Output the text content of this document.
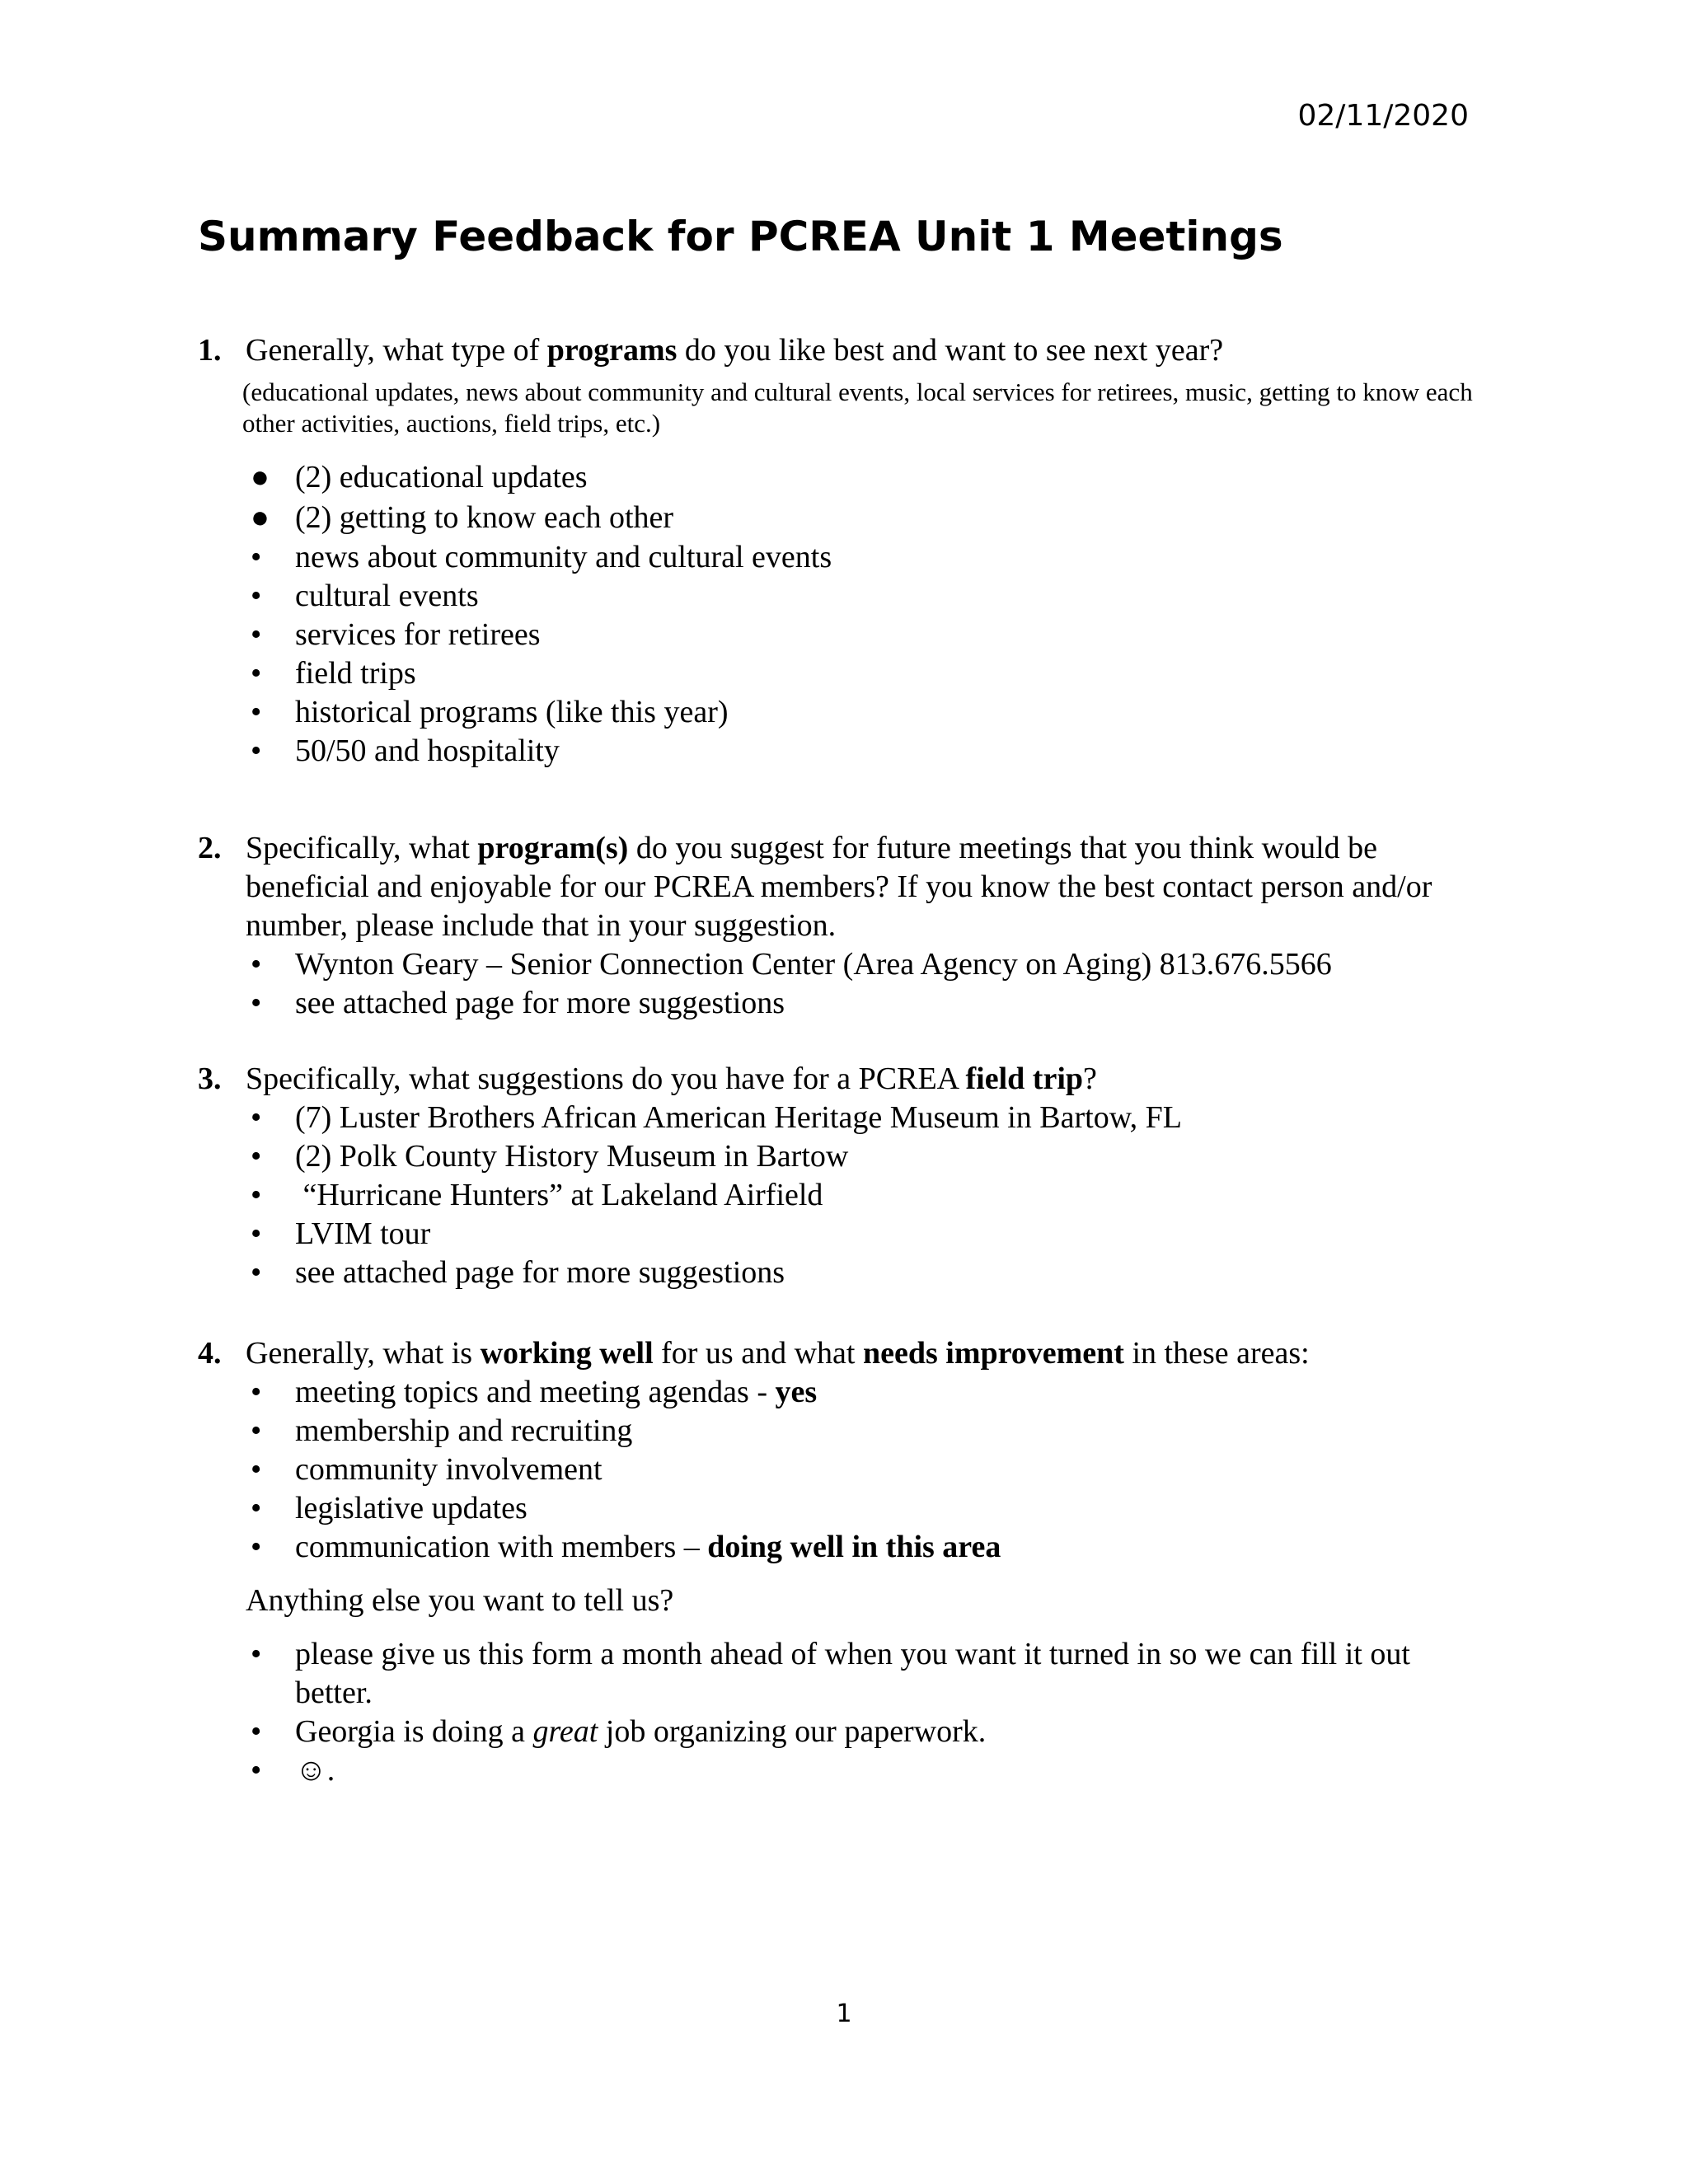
02/11/2020
Summary Feedback for PCREA Unit 1 Meetings
1. Generally, what type of programs do you like best and want to see next year?
(educational updates, news about community and cultural events, local services for retirees, music, getting to know each other activities, auctions, field trips, etc.)
● (2) educational updates
● (2) getting to know each other
• news about community and cultural events
• cultural events
• services for retirees
• field trips
• historical programs (like this year)
• 50/50 and hospitality
2. Specifically, what program(s) do you suggest for future meetings that you think would be beneficial and enjoyable for our PCREA members? If you know the best contact person and/or number, please include that in your suggestion.
• Wynton Geary – Senior Connection Center (Area Agency on Aging) 813.676.5566
• see attached page for more suggestions
3. Specifically, what suggestions do you have for a PCREA field trip?
• (7) Luster Brothers African American Heritage Museum in Bartow, FL
• (2) Polk County History Museum in Bartow
• “Hurricane Hunters” at Lakeland Airfield
• LVIM tour
• see attached page for more suggestions
4. Generally, what is working well for us and what needs improvement in these areas:
• meeting topics and meeting agendas - yes
• membership and recruiting
• community involvement
• legislative updates
• communication with members – doing well in this area
Anything else you want to tell us?
• please give us this form a month ahead of when you want it turned in so we can fill it out better.
• Georgia is doing a great job organizing our paperwork.
• ☺.
1
